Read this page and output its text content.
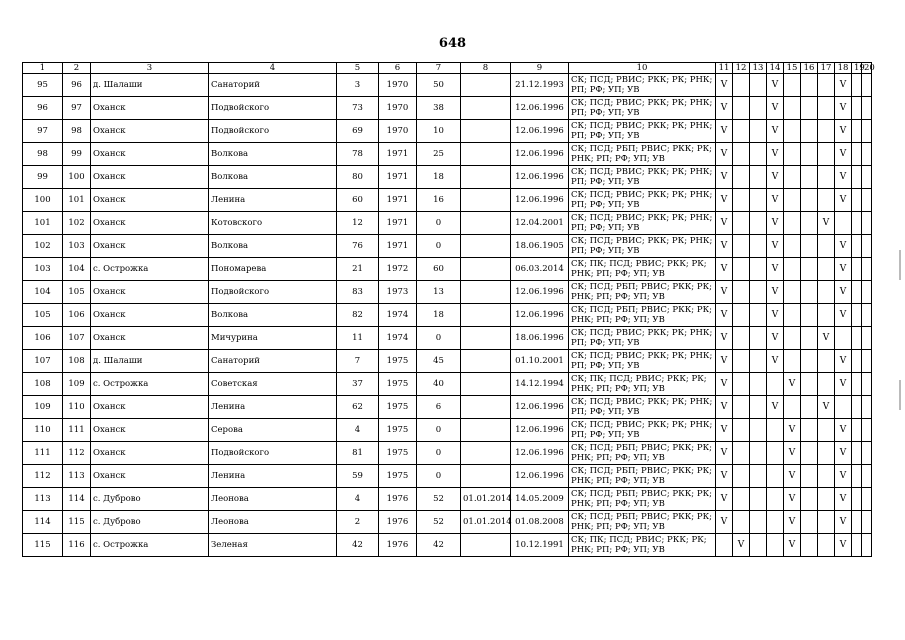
648
1	2	3	4	5	6	7	8	9	10	11	12	13	14	15	16	17	18	19	20
95	96	д. Шалаши	Санаторий	3	1970	50		21.12.1993	СК; ПСД; РВИС; РКК; РК; РНК; РП; РФ; УП; УВ	V			V				V		
96	97	Оханск	Подвойского	73	1970	38		12.06.1996	СК; ПСД; РВИС; РКК; РК; РНК; РП; РФ; УП; УВ	V			V				V		
97	98	Оханск	Подвойского	69	1970	10		12.06.1996	СК; ПСД; РВИС; РКК; РК; РНК; РП; РФ; УП; УВ	V			V				V		
98	99	Оханск	Волкова	78	1971	25		12.06.1996	СК; ПСД; РБП; РВИС; РКК; РК; РНК; РП; РФ; УП; УВ	V			V				V		
99	100	Оханск	Волкова	80	1971	18		12.06.1996	СК; ПСД; РВИС; РКК; РК; РНК; РП; РФ; УП; УВ	V			V				V		
100	101	Оханск	Ленина	60	1971	16		12.06.1996	СК; ПСД; РВИС; РКК; РК; РНК; РП; РФ; УП; УВ	V			V				V		
101	102	Оханск	Котовского	12	1971	0		12.04.2001	СК; ПСД; РВИС; РКК; РК; РНК; РП; РФ; УП; УВ	V			V			V			
102	103	Оханск	Волкова	76	1971	0		18.06.1905	СК; ПСД; РВИС; РКК; РК; РНК; РП; РФ; УП; УВ	V			V				V		
103	104	с. Острожка	Пономарева	21	1972	60		06.03.2014	СК; ПК; ПСД; РВИС; РКК; РК; РНК; РП; РФ; УП; УВ	V			V				V		
104	105	Оханск	Подвойского	83	1973	13		12.06.1996	СК; ПСД; РБП; РВИС; РКК; РК; РНК; РП; РФ; УП; УВ	V			V				V		
105	106	Оханск	Волкова	82	1974	18		12.06.1996	СК; ПСД; РБП; РВИС; РКК; РК; РНК; РП; РФ; УП; УВ	V			V				V		
106	107	Оханск	Мичурина	11	1974	0		18.06.1996	СК; ПСД; РВИС; РКК; РК; РНК; РП; РФ; УП; УВ	V			V			V			
107	108	д. Шалаши	Санаторий	7	1975	45		01.10.2001	СК; ПСД; РВИС; РКК; РК; РНК; РП; РФ; УП; УВ	V			V				V		
108	109	с. Острожка	Советская	37	1975	40		14.12.1994	СК; ПК; ПСД; РВИС; РКК; РК; РНК; РП; РФ; УП; УВ	V				V			V		
109	110	Оханск	Ленина	62	1975	6		12.06.1996	СК; ПСД; РВИС; РКК; РК; РНК; РП; РФ; УП; УВ	V			V			V			
110	111	Оханск	Серова	4	1975	0		12.06.1996	СК; ПСД; РВИС; РКК; РК; РНК; РП; РФ; УП; УВ	V				V			V		
111	112	Оханск	Подвойского	81	1975	0		12.06.1996	СК; ПСД; РБП; РВИС; РКК; РК; РНК; РП; РФ; УП; УВ	V				V			V		
112	113	Оханск	Ленина	59	1975	0		12.06.1996	СК; ПСД; РБП; РВИС; РКК; РК; РНК; РП; РФ; УП; УВ	V				V			V		
113	114	с. Дуброво	Леонова	4	1976	52	01.01.2014	14.05.2009	СК; ПСД; РБП; РВИС; РКК; РК; РНК; РП; РФ; УП; УВ	V				V			V		
114	115	с. Дуброво	Леонова	2	1976	52	01.01.2014	01.08.2008	СК; ПСД; РБП; РВИС; РКК; РК; РНК; РП; РФ; УП; УВ	V				V			V		
115	116	с. Острожка	Зеленая	42	1976	42		10.12.1991	СК; ПК; ПСД; РВИС; РКК; РК; РНК; РП; РФ; УП; УВ		V			V			V		
